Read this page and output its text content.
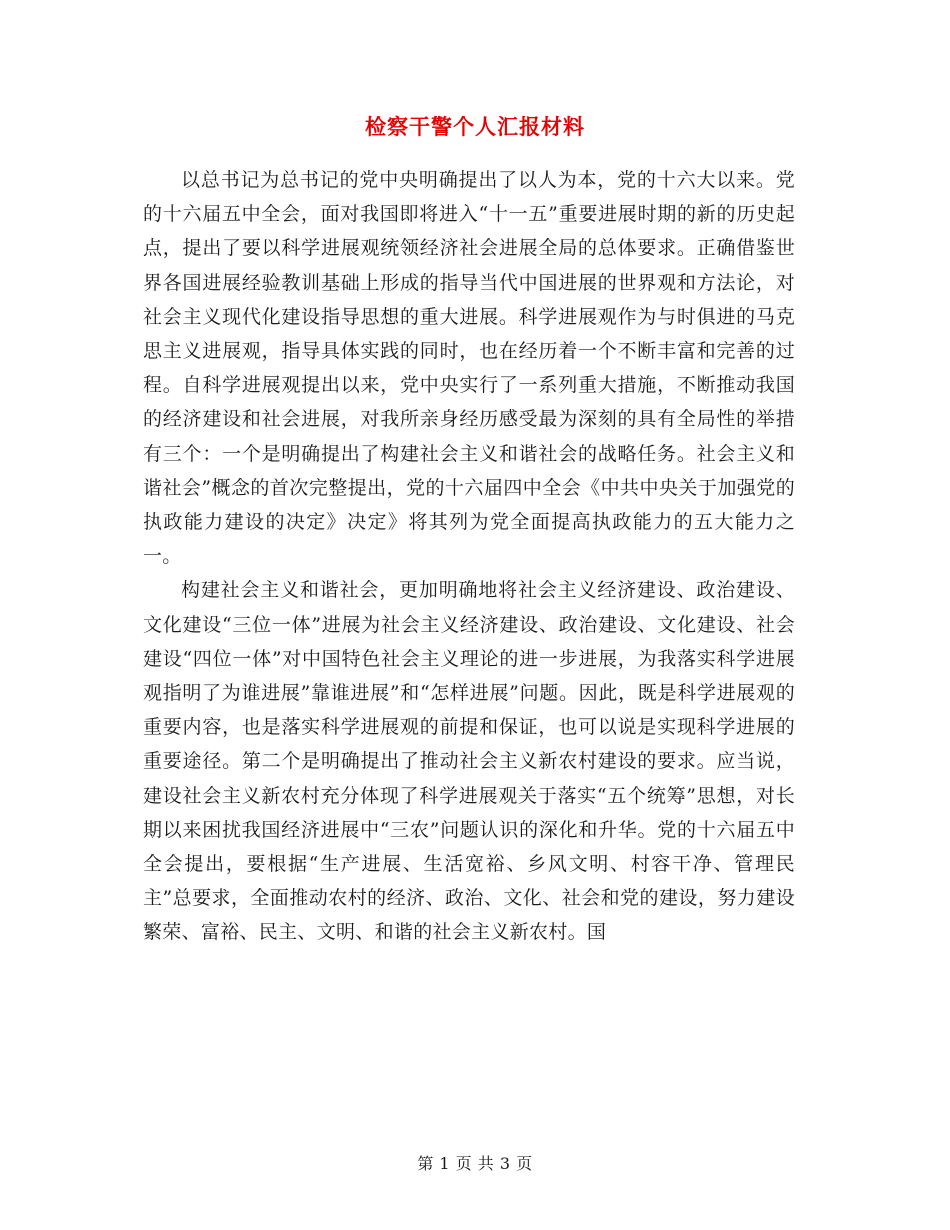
检察干警个人汇报材料

以总书记为总书记的党中央明确提出了以人为本，党的十六大以来。党的十六届五中全会，面对我国即将进入“十一五”重要进展时期的新的历史起点，提出了要以科学进展观统领经济社会进展全局的总体要求。正确借鉴世界各国进展经验教训基础上形成的指导当代中国进展的世界观和方法论，对社会主义现代化建设指导思想的重大进展。科学进展观作为与时俱进的马克思主义进展观，指导具体实践的同时，也在经历着一个不断丰富和完善的过程。自科学进展观提出以来，党中央实行了一系列重大措施，不断推动我国的经济建设和社会进展，对我所亲身经历感受最为深刻的具有全局性的举措有三个：一个是明确提出了构建社会主义和谐社会的战略任务。社会主义和谐社会”概念的首次完整提出，党的十六届四中全会《中共中央关于加强党的执政能力建设的决定》决定》将其列为党全面提高执政能力的五大能力之一。

构建社会主义和谐社会，更加明确地将社会主义经济建设、政治建设、文化建设“三位一体”进展为社会主义经济建设、政治建设、文化建设、社会建设“四位一体”对中国特色社会主义理论的进一步进展，为我落实科学进展观指明了为谁进展”靠谁进展”和“怎样进展”问题。因此，既是科学进展观的重要内容，也是落实科学进展观的前提和保证，也可以说是实现科学进展的重要途径。第二个是明确提出了推动社会主义新农村建设的要求。应当说，建设社会主义新农村充分体现了科学进展观关于落实“五个统筹”思想，对长期以来困扰我国经济进展中“三农”问题认识的深化和升华。党的十六届五中全会提出，要根据“生产进展、生活宽裕、乡风文明、村容干净、管理民主”总要求，全面推动农村的经济、政治、文化、社会和党的建设，努力建设繁荣、富裕、民主、文明、和谐的社会主义新农村。国

第 1 页 共 3 页
